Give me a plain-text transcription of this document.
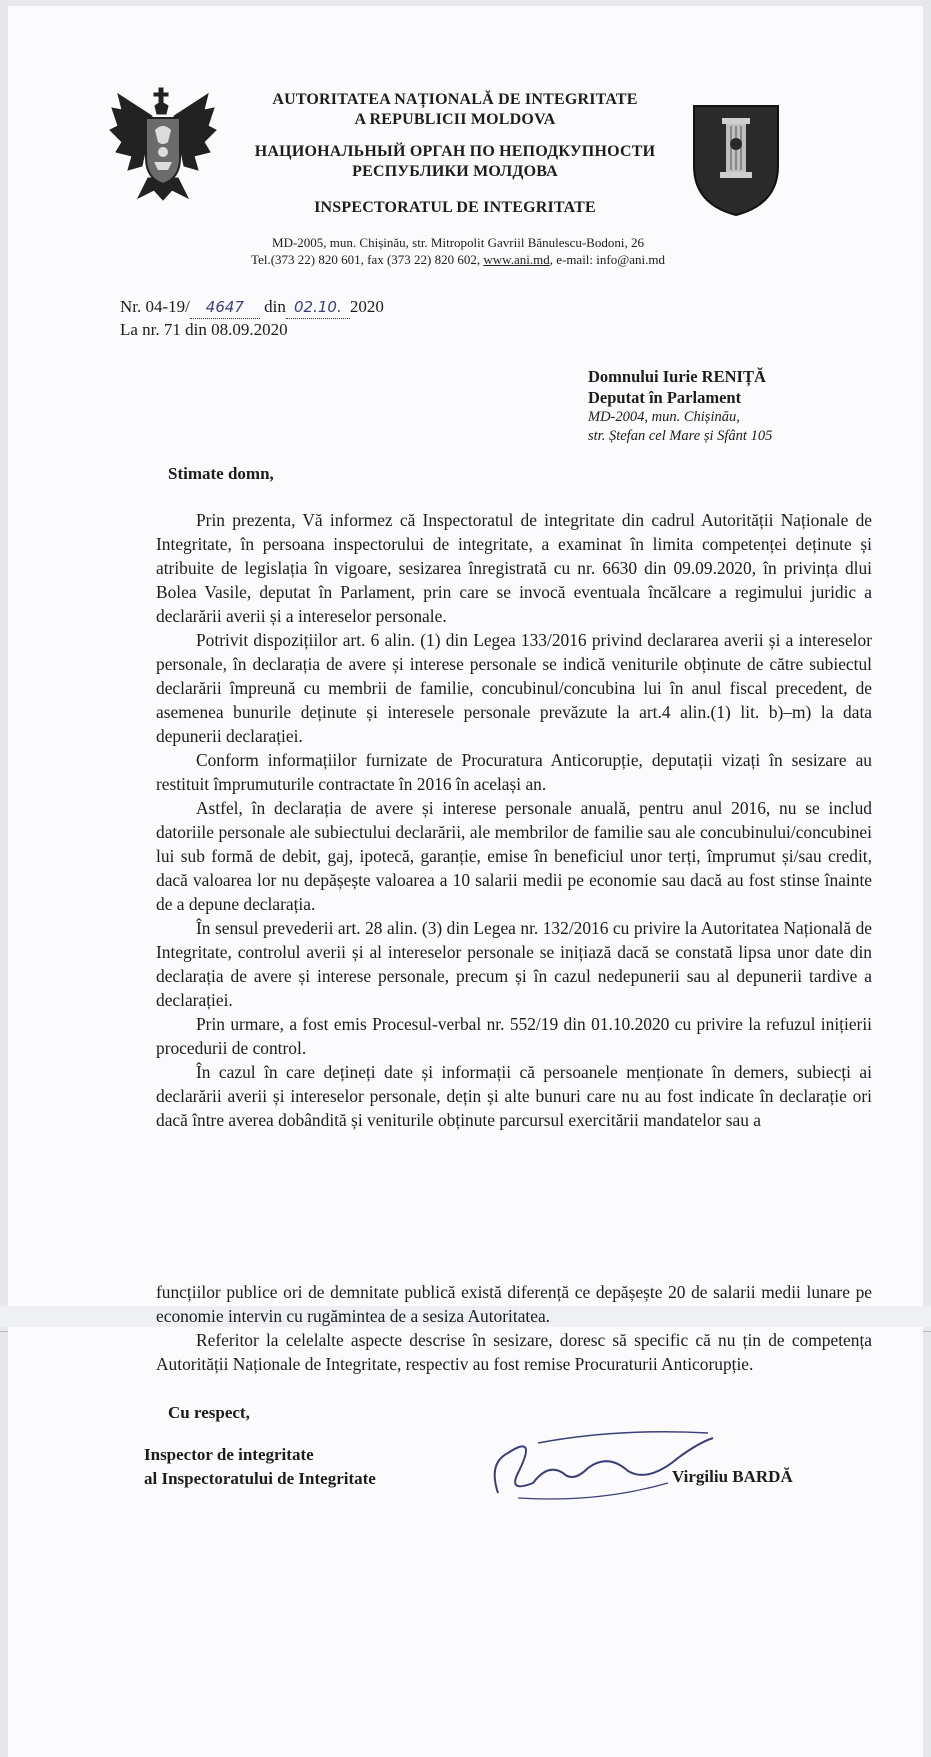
AUTORITATEA NAȚIONALĂ DE INTEGRITATE
A REPUBLICII MOLDOVA
НАЦИОНАЛЬНЫЙ ОРГАН ПО НЕПОДКУПНОСТИ
РЕСПУБЛИКИ МОЛДОВА
INSPECTORATUL DE INTEGRITATE
MD-2005, mun. Chișinău, str. Mitropolit Gavriil Bănulescu-Bodoni, 26
Tel.(373 22) 820 601, fax (373 22) 820 602, www.ani.md, e-mail: info@ani.md
Nr. 04-19/ 4647 din 02.10. 2020
La nr. 71 din 08.09.2020
Domnului Iurie RENIȚĂ
Deputat în Parlament
MD-2004, mun. Chișinău,
str. Ștefan cel Mare și Sfânt 105
Stimate domn,

Prin prezenta, Vă informez că Inspectoratul de integritate din cadrul Autorității Naționale de Integritate, în persoana inspectorului de integritate, a examinat în limita competenței deținute și atribuite de legislația în vigoare, sesizarea înregistrată cu nr. 6630 din 09.09.2020, în privința dlui Bolea Vasile, deputat în Parlament, prin care se invocă eventuala încălcare a regimului juridic a declarării averii și a intereselor personale.

Potrivit dispozițiilor art. 6 alin. (1) din Legea 133/2016 privind declararea averii și a intereselor personale, în declarația de avere și interese personale se indică veniturile obținute de către subiectul declarării împreună cu membrii de familie, concubinul/concubina lui în anul fiscal precedent, de asemenea bunurile deținute și interesele personale prevăzute la art.4 alin.(1) lit. b)–m) la data depunerii declarației.

Conform informațiilor furnizate de Procuratura Anticorupție, deputații vizați în sesizare au restituit împrumuturile contractate în 2016 în același an.

Astfel, în declarația de avere și interese personale anuală, pentru anul 2016, nu se includ datoriile personale ale subiectului declarării, ale membrilor de familie sau ale concubinului/concubinei lui sub formă de debit, gaj, ipotecă, garanție, emise în beneficiul unor terți, împrumut și/sau credit, dacă valoarea lor nu depășește valoarea a 10 salarii medii pe economie sau dacă au fost stinse înainte de a depune declarația.

În sensul prevederii art. 28 alin. (3) din Legea nr. 132/2016 cu privire la Autoritatea Națională de Integritate, controlul averii și al intereselor personale se inițiază dacă se constată lipsa unor date din declarația de avere și interese personale, precum și în cazul nedepunerii sau al depunerii tardive a declarației.

Prin urmare, a fost emis Procesul-verbal nr. 552/19 din 01.10.2020 cu privire la refuzul inițierii procedurii de control.

În cazul în care dețineți date și informații că persoanele menționate în demers, subiecți ai declarării averii și intereselor personale, dețin și alte bunuri care nu au fost indicate în declarație ori dacă între averea dobândită și veniturile obținute parcursul exercitării mandatelor sau a

funcțiilor publice ori de demnitate publică există diferență ce depășește 20 de salarii medii lunare pe economie intervin cu rugămintea de a sesiza Autoritatea.

Referitor la celelalte aspecte descrise în sesizare, doresc să specific că nu țin de competența Autorității Naționale de Integritate, respectiv au fost remise Procuraturii Anticorupție.

Cu respect,
Inspector de integritate
al Inspectoratului de Integritate	Virgiliu BARDĂ
